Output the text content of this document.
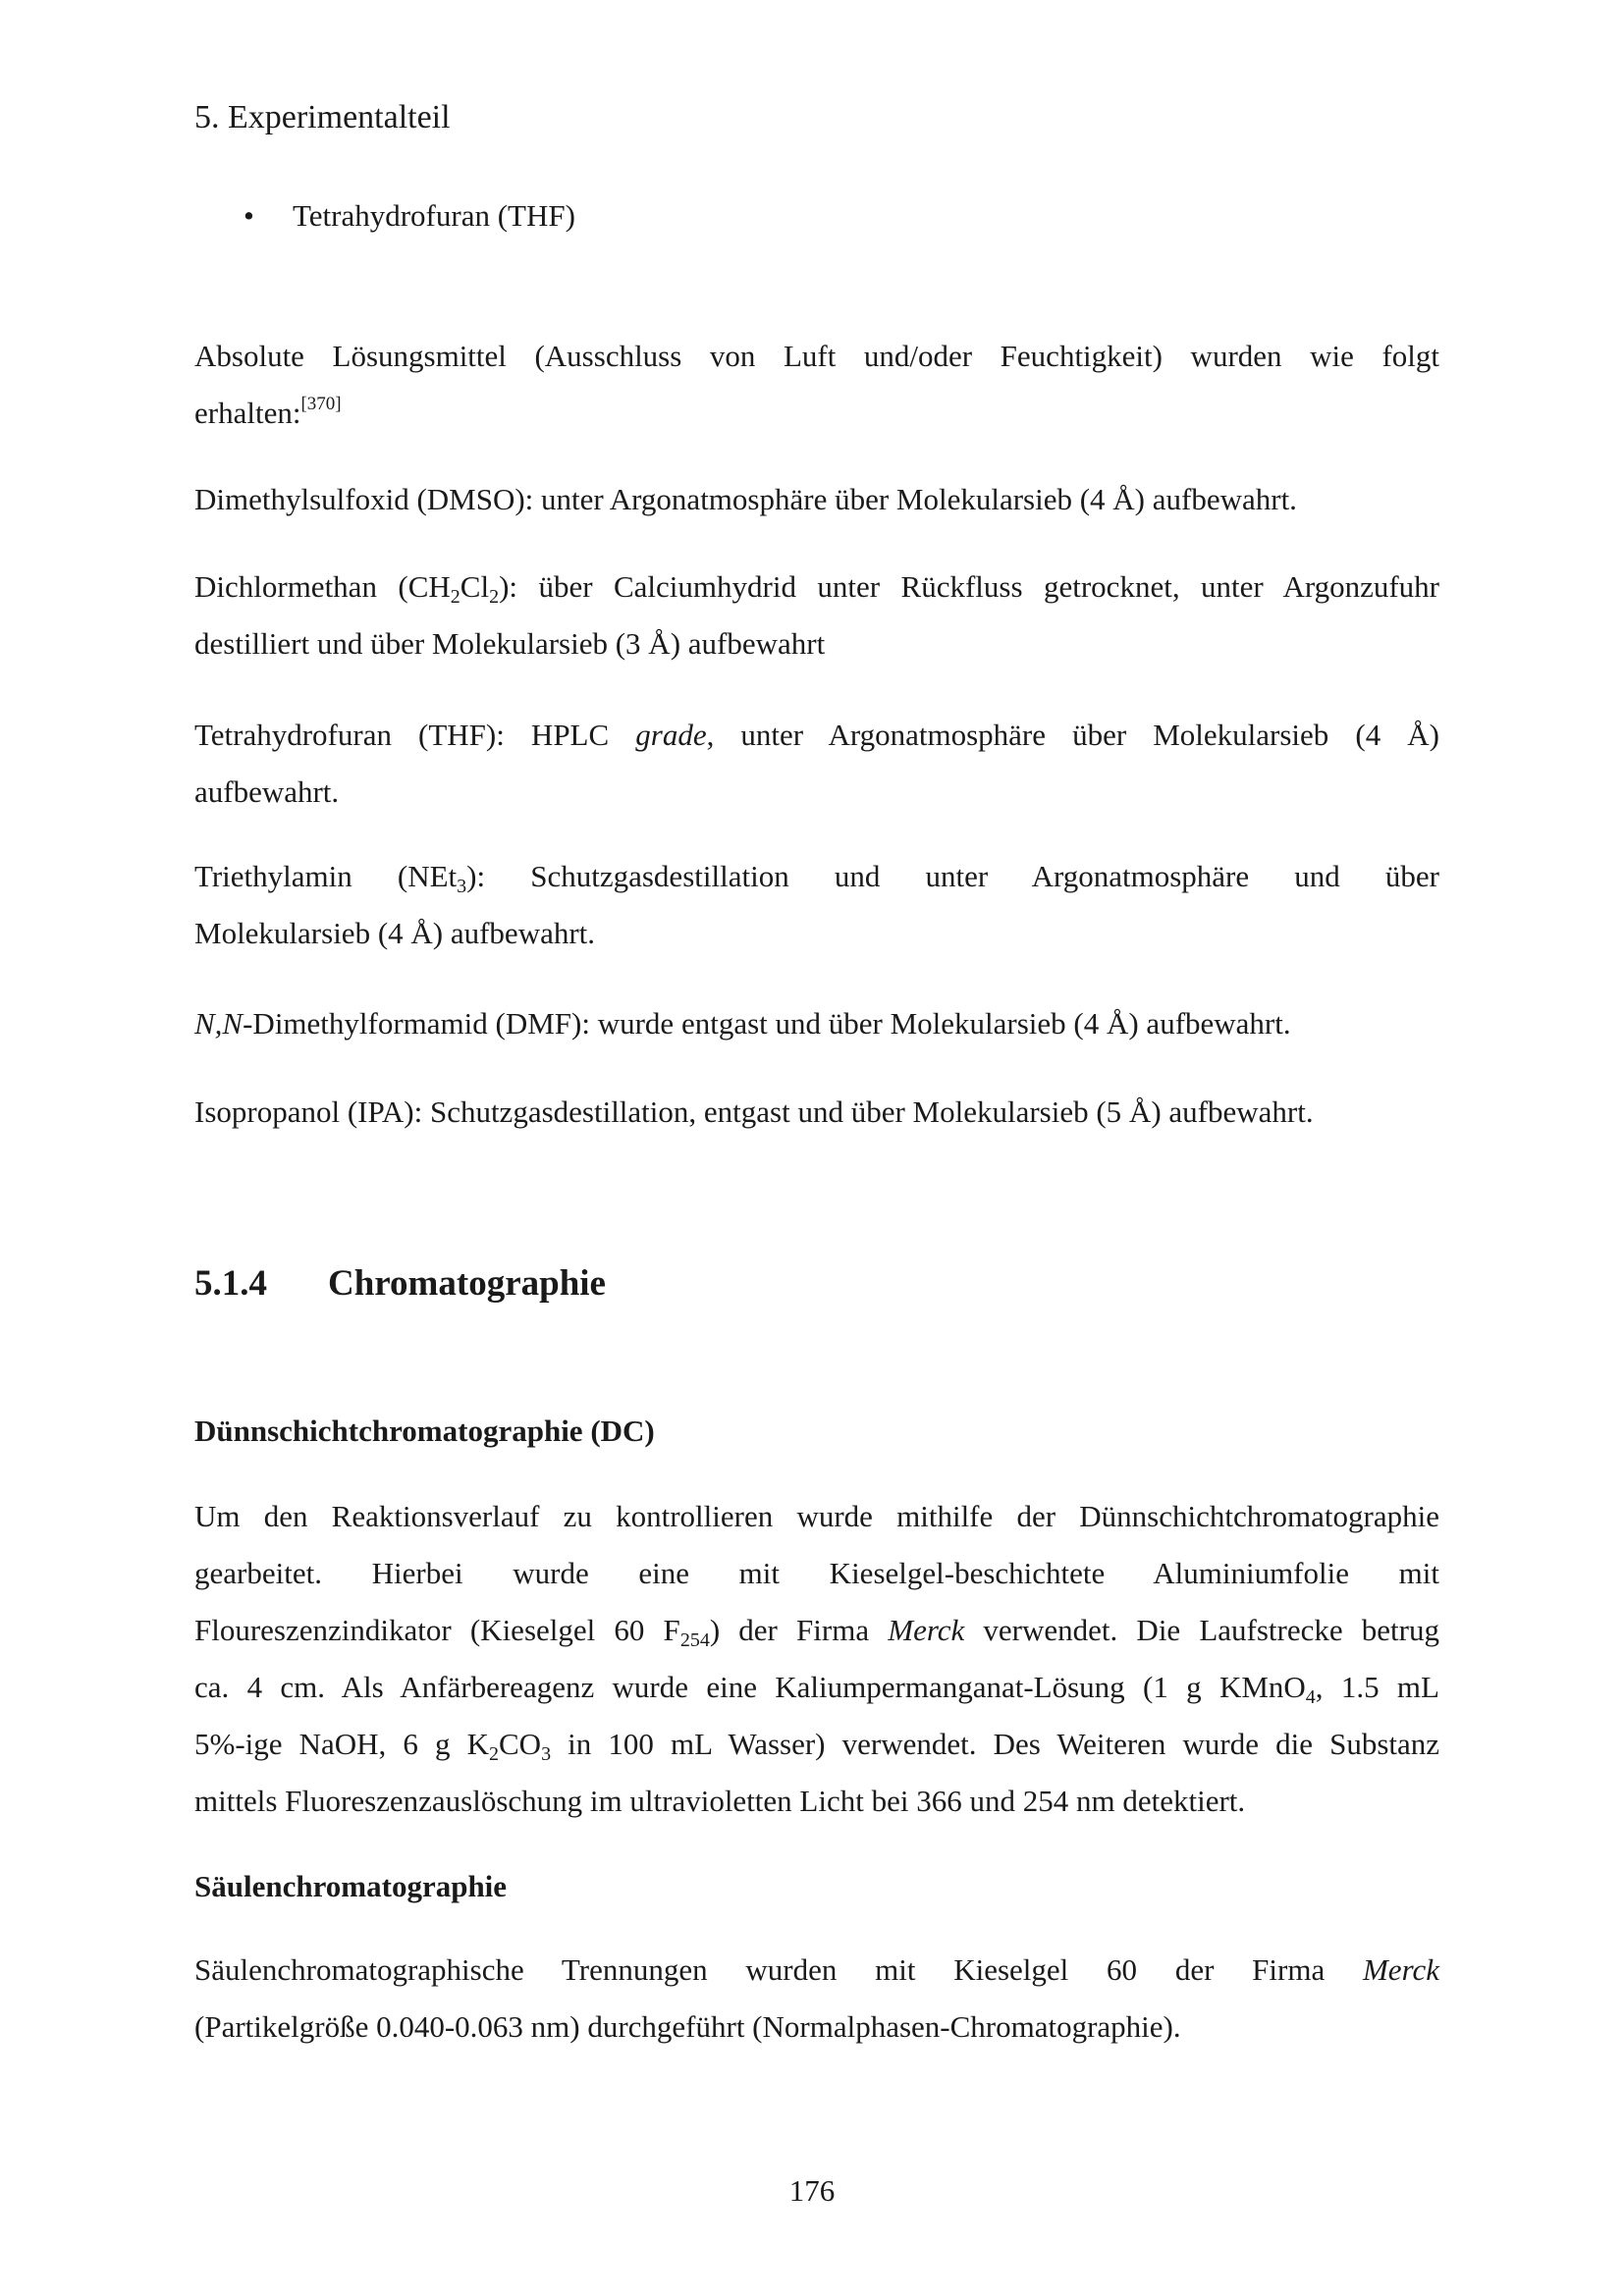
5. Experimentalteil
•	Tetrahydrofuran (THF)

Absolute Lösungsmittel (Ausschluss von Luft und/oder Feuchtigkeit) wurden wie folgt
erhalten:[370]

Dimethylsulfoxid (DMSO): unter Argonatmosphäre über Molekularsieb (4 Å) aufbewahrt.

Dichlormethan $(CH_2Cl_2)$: über Calciumhydrid unter Rückfluss getrocknet, unter Argonzufuhr
destilliert und über Molekularsieb (3 Å) aufbewahrt

Tetrahydrofuran (THF): HPLC grade, unter Argonatmosphäre über Molekularsieb (4 Å)
aufbewahrt.

Triethylamin (NEt$_3$): Schutzgasdestillation und unter Argonatmosphäre und über
Molekularsieb (4 Å) aufbewahrt.

N,N-Dimethylformamid (DMF): wurde entgast und über Molekularsieb (4 Å) aufbewahrt.

Isopropanol (IPA): Schutzgasdestillation, entgast und über Molekularsieb (5 Å) aufbewahrt.

5.1.4 Chromatographie
Dünnschichtchromatographie (DC)

Um den Reaktionsverlauf zu kontrollieren wurde mithilfe der Dünnschichtchromatographie
gearbeitet. Hierbei wurde eine mit Kieselgel-beschichtete Aluminiumfolie mit
Floureszenzindikator (Kieselgel 60 $F_{254}$) der Firma Merck verwendet. Die Laufstrecke betrug
ca. 4 cm. Als Anfärbereagenz wurde eine Kaliumpermanganat-Lösung (1 g KMnO$_4$, 1.5 mL
5%-ige NaOH, 6 g $K_2CO_3$ in 100 mL Wasser) verwendet. Des Weiteren wurde die Substanz
mittels Fluoreszenzauslöschung im ultravioletten Licht bei 366 und 254 nm detektiert.

Säulenchromatographie

Säulenchromatographische Trennungen wurden mit Kieselgel 60 der Firma Merck
(Partikelgröße 0.040-0.063 nm) durchgeführt (Normalphasen-Chromatographie).

176
